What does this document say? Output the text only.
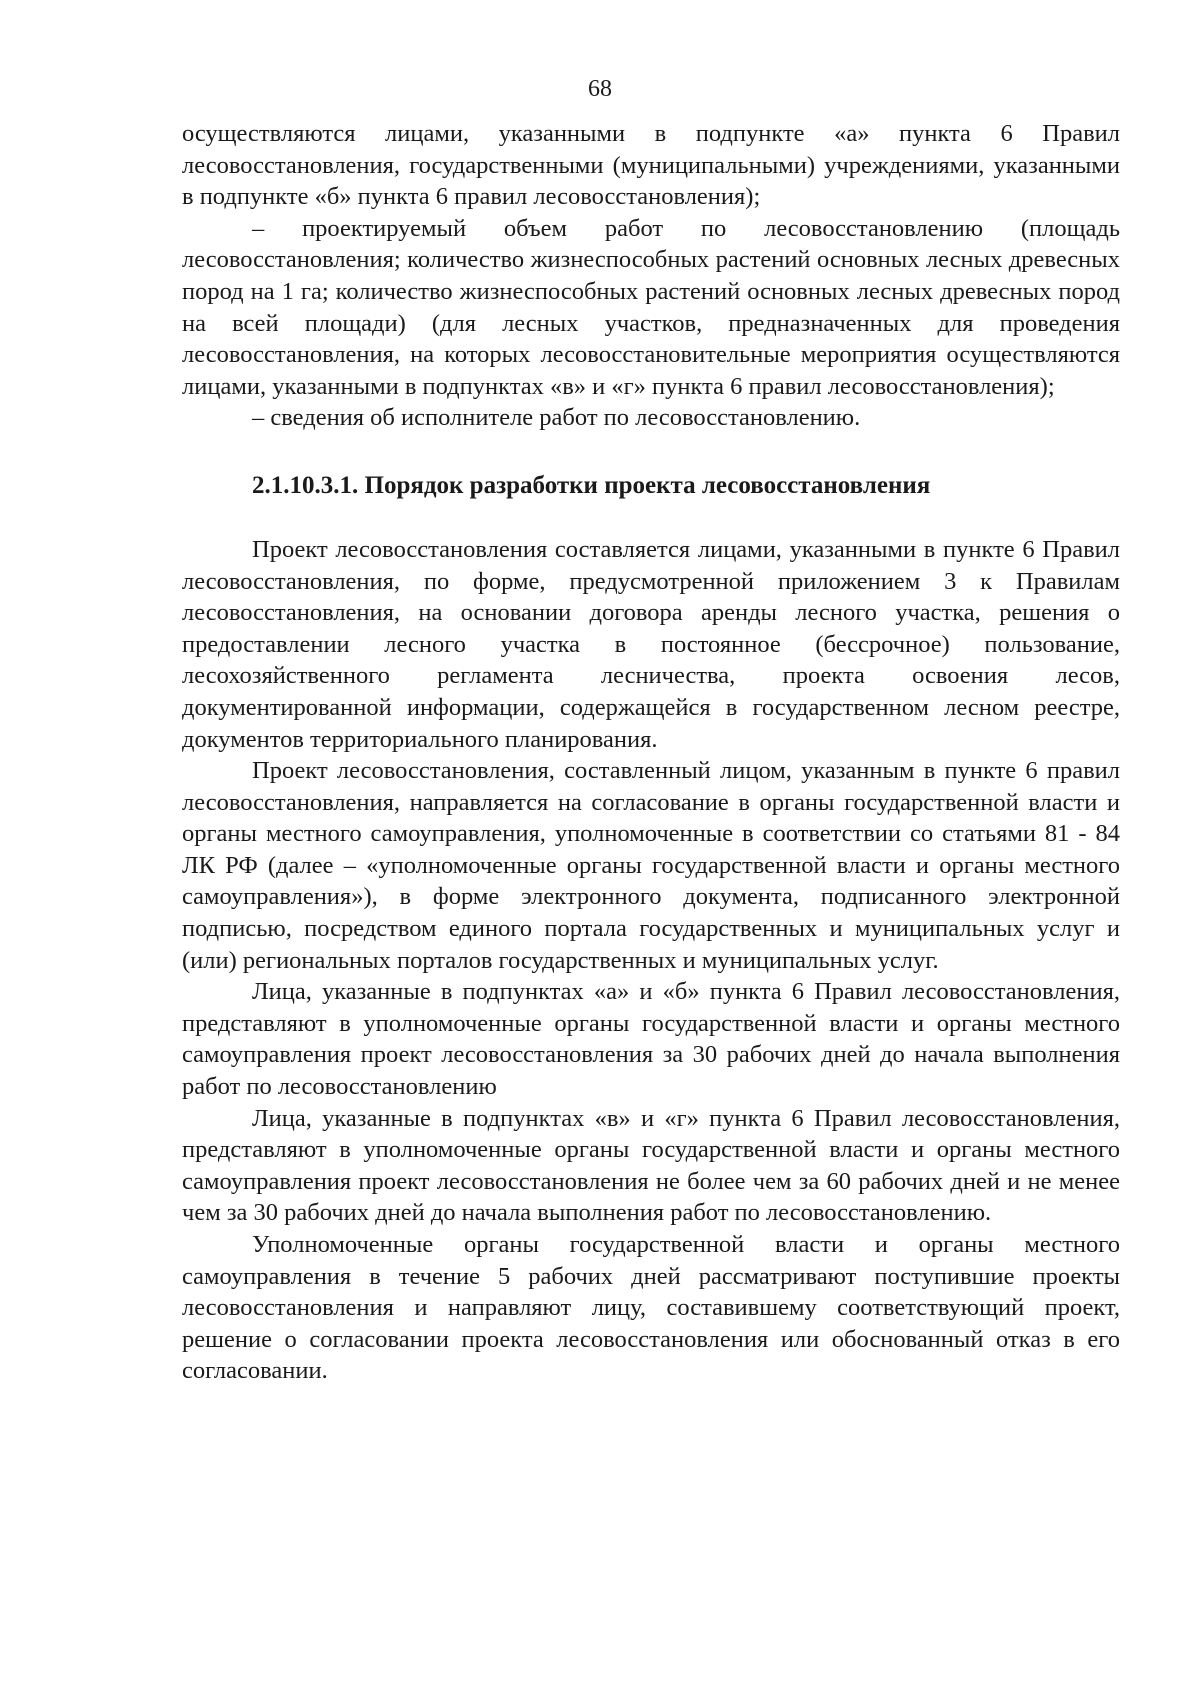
68

осуществляются лицами, указанными в подпункте «а» пункта 6 Правил лесовосстановления, государственными (муниципальными) учреждениями, указанными в подпункте «б» пункта 6 правил лесовосстановления);

– проектируемый объем работ по лесовосстановлению (площадь лесовосстановления; количество жизнеспособных растений основных лесных древесных пород на 1 га; количество жизнеспособных растений основных лесных древесных пород на всей площади) (для лесных участков, предназначенных для проведения лесовосстановления, на которых лесовосстановительные мероприятия осуществляются лицами, указанными в подпунктах «в» и «г» пункта 6 правил лесовосстановления);

– сведения об исполнителе работ по лесовосстановлению.

2.1.10.3.1. Порядок разработки проекта лесовосстановления

Проект лесовосстановления составляется лицами, указанными в пункте 6 Правил лесовосстановления, по форме, предусмотренной приложением 3 к Правилам лесовосстановления, на основании договора аренды лесного участка, решения о предоставлении лесного участка в постоянное (бессрочное) пользование, лесохозяйственного регламента лесничества, проекта освоения лесов, документированной информации, содержащейся в государственном лесном реестре, документов территориального планирования.

Проект лесовосстановления, составленный лицом, указанным в пункте 6 правил лесовосстановления, направляется на согласование в органы государственной власти и органы местного самоуправления, уполномоченные в соответствии со статьями 81 - 84 ЛК РФ (далее – «уполномоченные органы государственной власти и органы местного самоуправления»), в форме электронного документа, подписанного электронной подписью, посредством единого портала государственных и муниципальных услуг и (или) региональных порталов государственных и муниципальных услуг.

Лица, указанные в подпунктах «а» и «б» пункта 6 Правил лесовосстановления, представляют в уполномоченные органы государственной власти и органы местного самоуправления проект лесовосстановления за 30 рабочих дней до начала выполнения работ по лесовосстановлению

Лица, указанные в подпунктах «в» и «г» пункта 6 Правил лесовосстановления, представляют в уполномоченные органы государственной власти и органы местного самоуправления проект лесовосстановления не более чем за 60 рабочих дней и не менее чем за 30 рабочих дней до начала выполнения работ по лесовосстановлению.

Уполномоченные органы государственной власти и органы местного самоуправления в течение 5 рабочих дней рассматривают поступившие проекты лесовосстановления и направляют лицу, составившему соответствующий проект, решение о согласовании проекта лесовосстановления или обоснованный отказ в его согласовании.
